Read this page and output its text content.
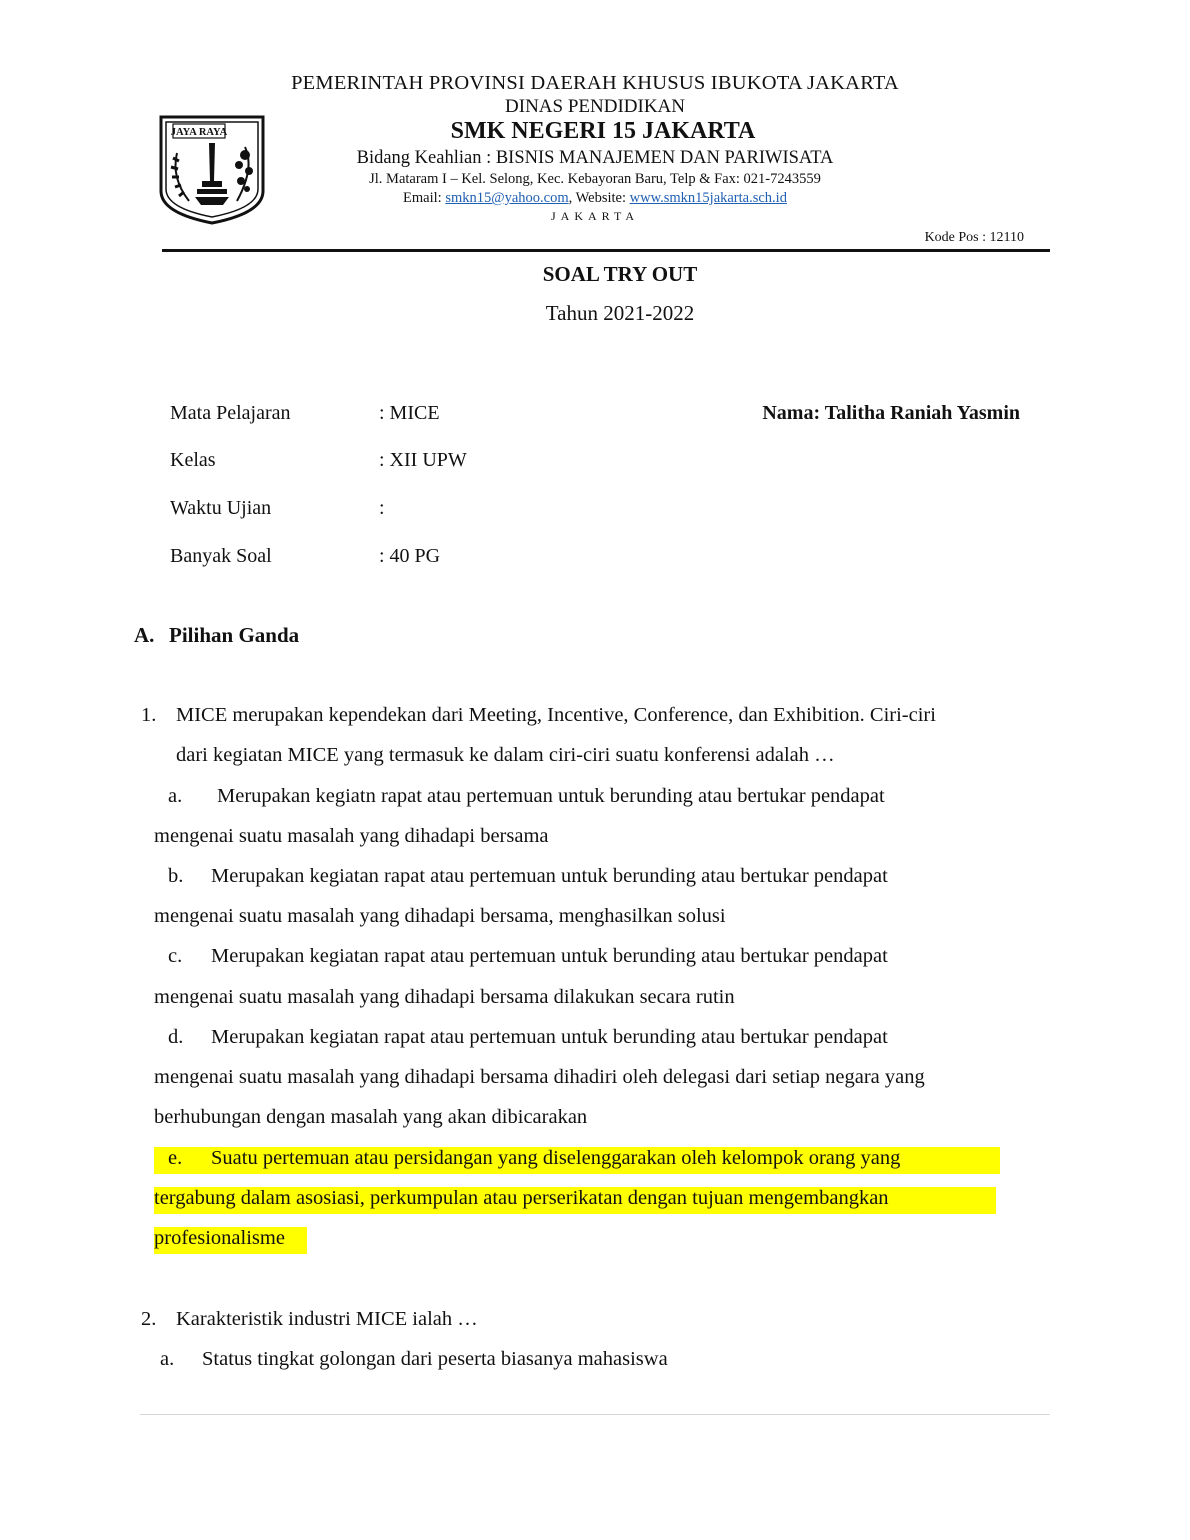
JAYA RAYA
PEMERINTAH PROVINSI DAERAH KHUSUS IBUKOTA JAKARTA
DINAS PENDIDIKAN
SMK NEGERI 15 JAKARTA
Bidang Keahlian : BISNIS MANAJEMEN DAN PARIWISATA
Jl. Mataram I – Kel. Selong, Kec. Kebayoran Baru, Telp & Fax: 021-7243559
Email: smkn15@yahoo.com, Website: www.smkn15jakarta.sch.id
JAKARTA
Kode Pos : 12110
SOAL TRY OUT
Tahun 2021-2022
Mata Pelajaran	: MICE	Nama: Talitha Raniah Yasmin
Kelas	: XII UPW
Waktu Ujian	:
Banyak Soal	: 40 PG
A. Pilihan Ganda
1. MICE merupakan kependekan dari Meeting, Incentive, Conference, dan Exhibition. Ciri-ciri
dari kegiatan MICE yang termasuk ke dalam ciri-ciri suatu konferensi adalah …
a. Merupakan kegiatn rapat atau pertemuan untuk berunding atau bertukar pendapat
mengenai suatu masalah yang dihadapi bersama
b. Merupakan kegiatan rapat atau pertemuan untuk berunding atau bertukar pendapat
mengenai suatu masalah yang dihadapi bersama, menghasilkan solusi
c. Merupakan kegiatan rapat atau pertemuan untuk berunding atau bertukar pendapat
mengenai suatu masalah yang dihadapi bersama dilakukan secara rutin
d. Merupakan kegiatan rapat atau pertemuan untuk berunding atau bertukar pendapat
mengenai suatu masalah yang dihadapi bersama dihadiri oleh delegasi dari setiap negara yang
berhubungan dengan masalah yang akan dibicarakan
e. Suatu pertemuan atau persidangan yang diselenggarakan oleh kelompok orang yang
tergabung dalam asosiasi, perkumpulan atau perserikatan dengan tujuan mengembangkan
profesionalisme
2. Karakteristik industri MICE ialah …
a. Status tingkat golongan dari peserta biasanya mahasiswa
